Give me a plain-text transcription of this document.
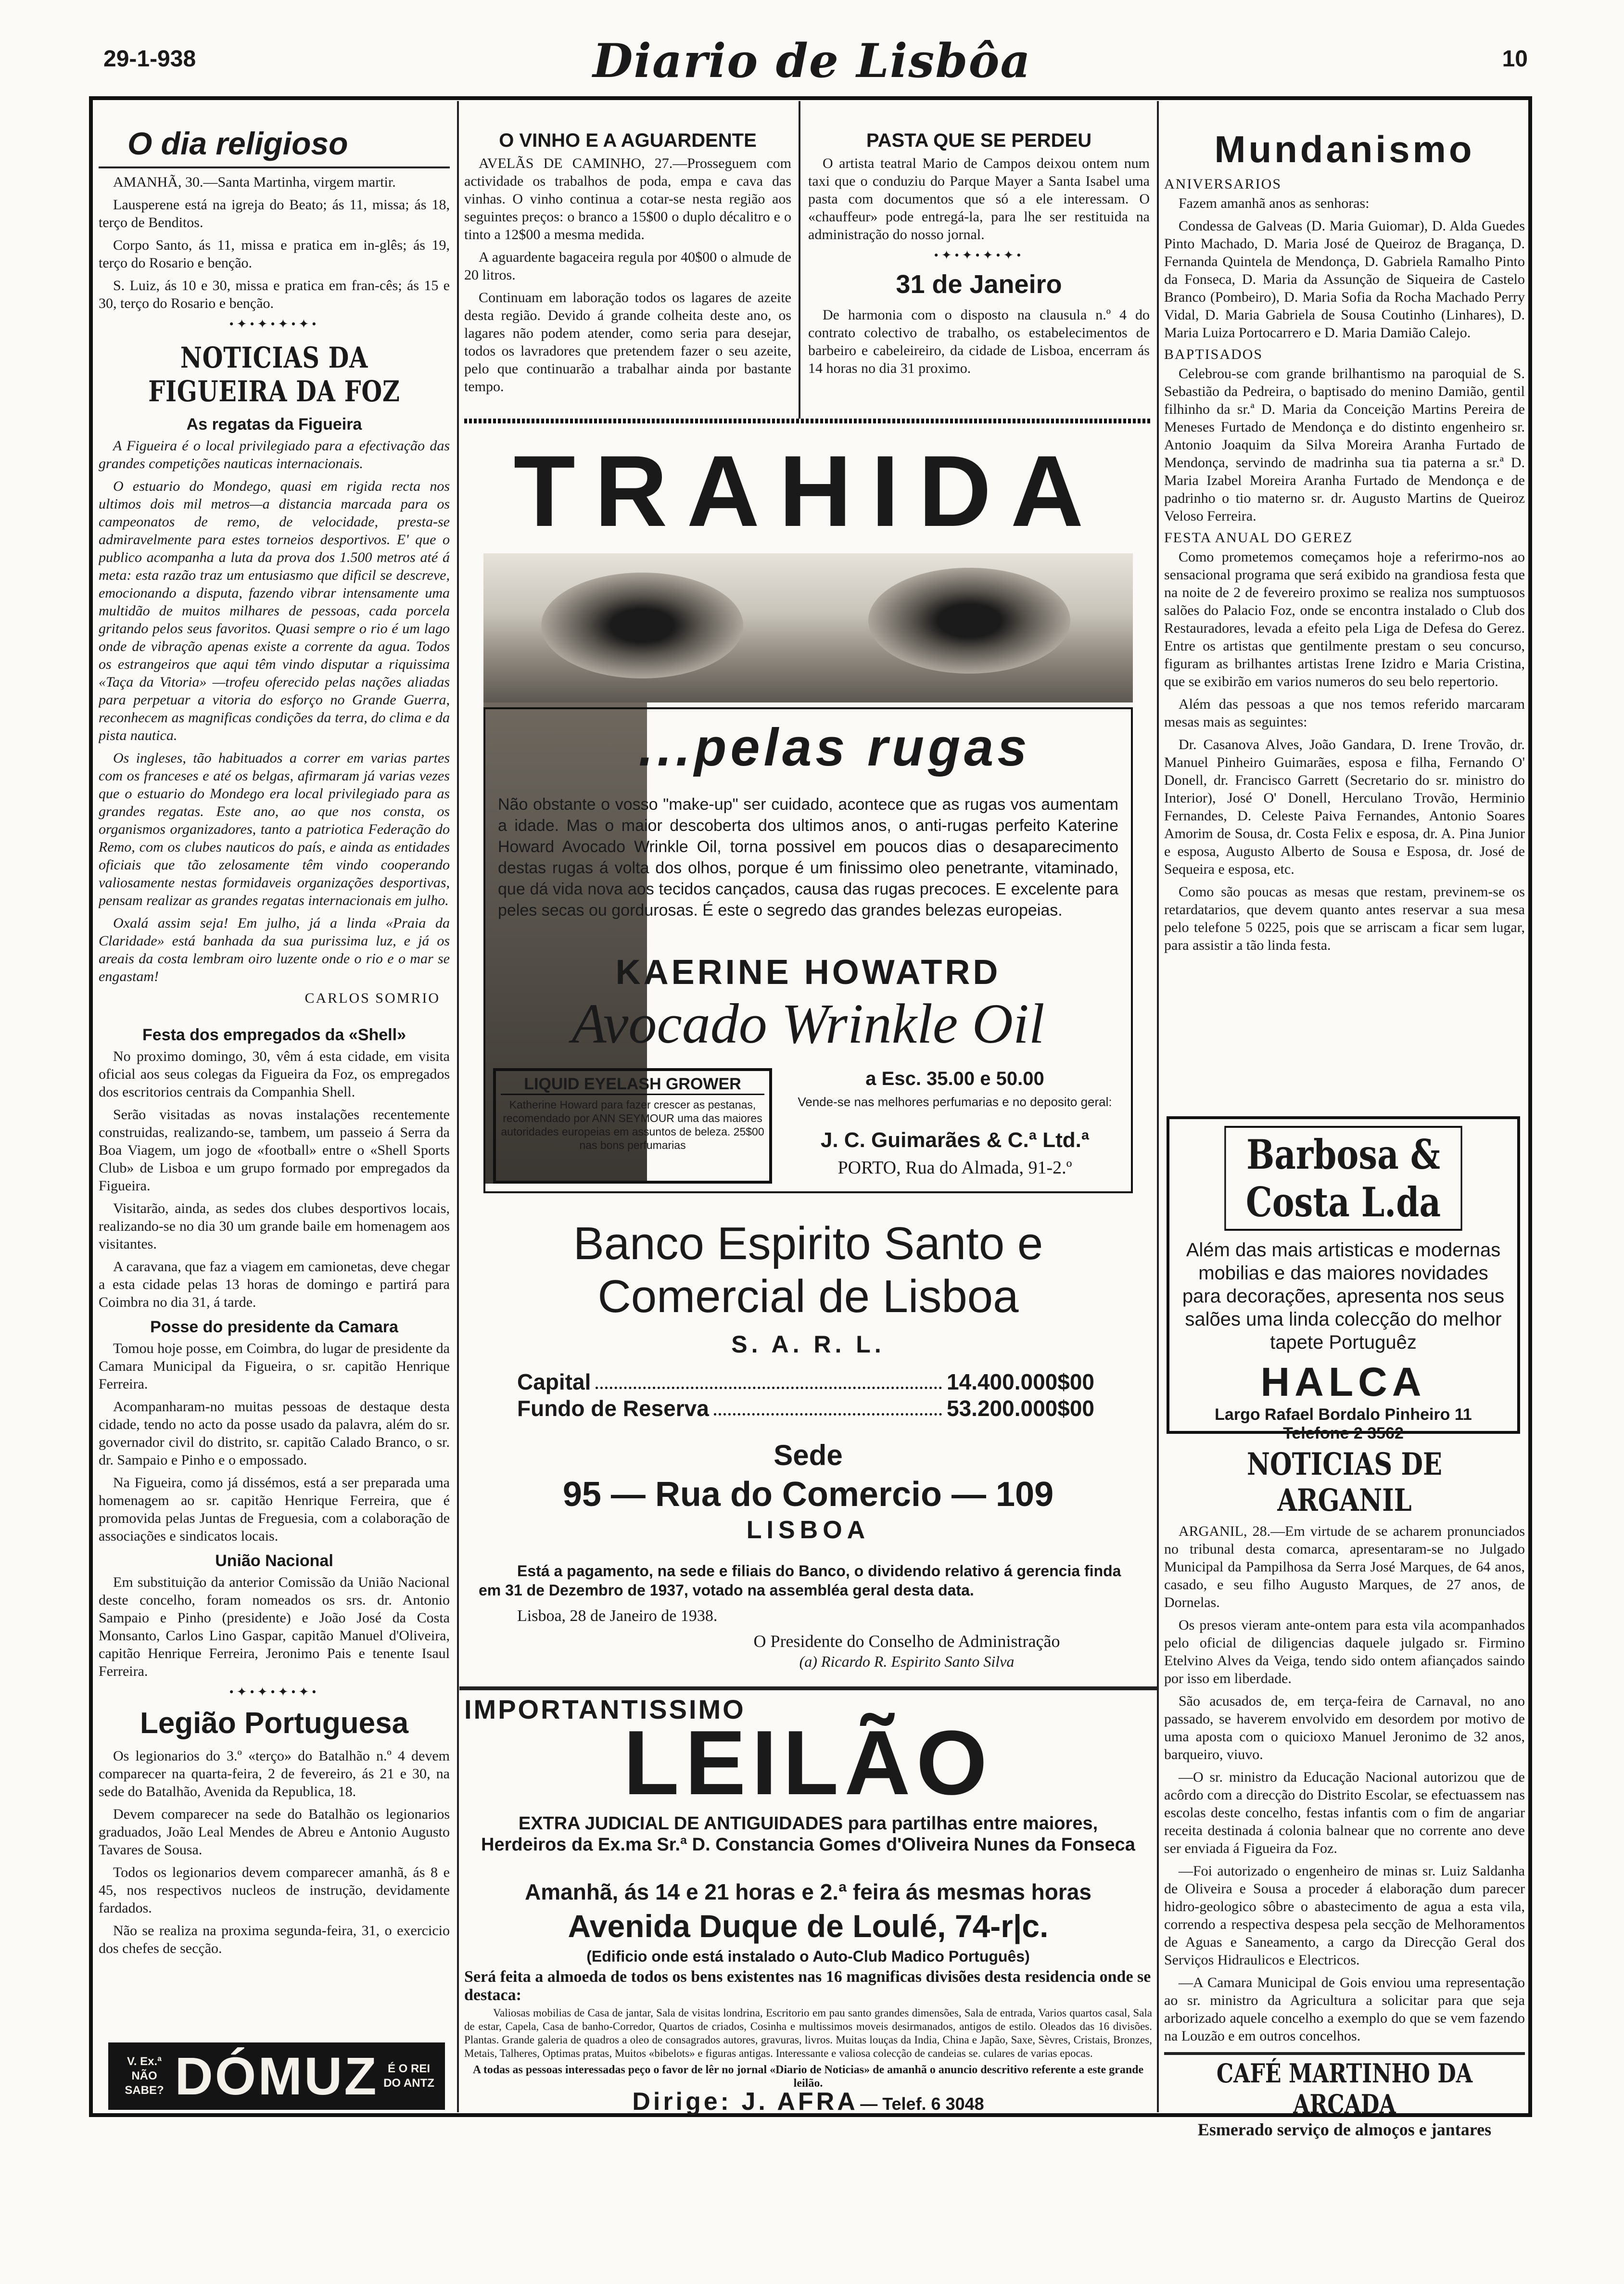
29-1-938	Diario de Lisbôa	10
O dia religioso

AMANHÃ, 30.—Santa Martinha, virgem martir.

Lausperene está na igreja do Beato; ás 11, missa; ás 18, terço de Benditos.

Corpo Santo, ás 11, missa e pratica em in-glês; ás 19, terço do Rosario e benção.

S. Luiz, ás 10 e 30, missa e pratica em fran-cês; ás 15 e 30, terço do Rosario e benção.

•✦•✦•✦•✦•
NOTICIAS DA FIGUEIRA DA FOZ
As regatas da Figueira

A Figueira é o local privilegiado para a efectivação das grandes competições nauticas internacionais.

O estuario do Mondego, quasi em rigida recta nos ultimos dois mil metros—a distancia marcada para os campeonatos de remo, de velocidade, presta-se admiravelmente para estes torneios desportivos. E' que o publico acompanha a luta da prova dos 1.500 metros até á meta: esta razão traz um entusiasmo que dificil se descreve, emocionando a disputa, fazendo vibrar intensamente uma multidão de muitos milhares de pessoas, cada porcela gritando pelos seus favoritos. Quasi sempre o rio é um lago onde de vibração apenas existe a corrente da agua. Todos os estrangeiros que aqui têm vindo disputar a riquissima «Taça da Vitoria» —trofeu oferecido pelas nações aliadas para perpetuar a vitoria do esforço no Grande Guerra, reconhecem as magnificas condições da terra, do clima e da pista nautica.

Os ingleses, tão habituados a correr em varias partes com os franceses e até os belgas, afirmaram já varias vezes que o estuario do Mondego era local privilegiado para as grandes regatas. Este ano, ao que nos consta, os organismos organizadores, tanto a patriotica Federação do Remo, com os clubes nauticos do país, e ainda as entidades oficiais que tão zelosamente têm vindo cooperando valiosamente nestas formidaveis organizações desportivas, pensam realizar as grandes regatas internacionais em julho.

Oxalá assim seja! Em julho, já a linda «Praia da Claridade» está banhada da sua purissima luz, e já os areais da costa lembram oiro luzente onde o rio e o mar se engastam!

CARLOS SOMRIO
Festa dos empregados da «Shell»

No proximo domingo, 30, vêm á esta cidade, em visita oficial aos seus colegas da Figueira da Foz, os empregados dos escritorios centrais da Companhia Shell.

Serão visitadas as novas instalações recentemente construidas, realizando-se, tambem, um passeio á Serra da Boa Viagem, um jogo de «football» entre o «Shell Sports Club» de Lisboa e um grupo formado por empregados da Figueira.

Visitarão, ainda, as sedes dos clubes desportivos locais, realizando-se no dia 30 um grande baile em homenagem aos visitantes.

A caravana, que faz a viagem em camionetas, deve chegar a esta cidade pelas 13 horas de domingo e partirá para Coimbra no dia 31, á tarde.

Posse do presidente da Camara

Tomou hoje posse, em Coimbra, do lugar de presidente da Camara Municipal da Figueira, o sr. capitão Henrique Ferreira.

Acompanharam-no muitas pessoas de destaque desta cidade, tendo no acto da posse usado da palavra, além do sr. governador civil do distrito, sr. capitão Calado Branco, o sr. dr. Sampaio e Pinho e o empossado.

Na Figueira, como já dissémos, está a ser preparada uma homenagem ao sr. capitão Henrique Ferreira, que é promovida pelas Juntas de Freguesia, com a colaboração de associações e sindicatos locais.

União Nacional

Em substituição da anterior Comissão da União Nacional deste concelho, foram nomeados os srs. dr. Antonio Sampaio e Pinho (presidente) e João José da Costa Monsanto, Carlos Lino Gaspar, capitão Manuel d'Oliveira, capitão Henrique Ferreira, Jeronimo Pais e tenente Isaul Ferreira.

•✦•✦•✦•✦•
Legião Portuguesa

Os legionarios do 3.º «terço» do Batalhão n.º 4 devem comparecer na quarta-feira, 2 de fevereiro, ás 21 e 30, na sede do Batalhão, Avenida da Republica, 18.

Devem comparecer na sede do Batalhão os legionarios graduados, João Leal Mendes de Abreu e Antonio Augusto Tavares de Sousa.

Todos os legionarios devem comparecer amanhã, ás 8 e 45, nos respectivos nucleos de instrução, devidamente fardados.

Não se realiza na proxima segunda-feira, 31, o exercicio dos chefes de secção.

V. Ex.ª NÃO SABE? DÓMUZ É O REI DO ANTZ
O VINHO E A AGUARDENTE

AVELÃS DE CAMINHO, 27.—Prosseguem com actividade os trabalhos de poda, empa e cava das vinhas. O vinho continua a cotar-se nesta região aos seguintes preços: o branco a 15$00 o duplo décalitro e o tinto a 12$00 a mesma medida.

A aguardente bagaceira regula por 40$00 o almude de 20 litros.

Continuam em laboração todos os lagares de azeite desta região. Devido á grande colheita deste ano, os lagares não podem atender, como seria para desejar, todos os lavradores que pretendem fazer o seu azeite, pelo que continuarão a trabalhar ainda por bastante tempo.

PASTA QUE SE PERDEU

O artista teatral Mario de Campos deixou ontem num taxi que o conduziu do Parque Mayer a Santa Isabel uma pasta com documentos que só a ele interessam. O «chauffeur» pode entregá-la, para lhe ser restituida na administração do nosso jornal.

•✦•✦•✦•✦•
31 de Janeiro

De harmonia com o disposto na clausula n.º 4 do contrato colectivo de trabalho, os estabelecimentos de barbeiro e cabeleireiro, da cidade de Lisboa, encerram ás 14 horas no dia 31 proximo.

TRAHIDA
...pelas rugas
Não obstante o vosso "make-up" ser cuidado, acontece que as rugas vos aumentam a idade. Mas o maior descoberta dos ultimos anos, o anti-rugas perfeito Katerine Howard Avocado Wrinkle Oil, torna possivel em poucos dias o desaparecimento destas rugas á volta dos olhos, porque é um finissimo oleo penetrante, vitaminado, que dá vida nova aos tecidos cançados, causa das rugas precoces. E excelente para peles secas ou gordurosas. É este o segredo das grandes belezas europeias.
KAERINE HOWATRD
Avocado Wrinkle Oil
LIQUID EYELASH GROWER
Katherine Howard para fazer crescer as pestanas, recomendado por ANN SEYMOUR uma das maiores autoridades europeias em assuntos de beleza. 25$00 nas bons perfumarias
a Esc. 35.00 e 50.00
Vende-se nas melhores perfumarias e no deposito geral:
J. C. Guimarães & C.ª Ltd.ª
PORTO, Rua do Almada, 91-2.º
Banco Espirito Santo e Comercial de Lisboa
S. A. R. L.
Capital	14.400.000$00
Fundo de Reserva	53.200.000$00
Sede
95 — Rua do Comercio — 109
LISBOA
Está a pagamento, na sede e filiais do Banco, o dividendo relativo á gerencia finda em 31 de Dezembro de 1937, votado na assembléa geral desta data.
Lisboa, 28 de Janeiro de 1938.
O Presidente do Conselho de Administração
(a) Ricardo R. Espirito Santo Silva
IMPORTANTISSIMO
LEILÃO
EXTRA JUDICIAL DE ANTIGUIDADES para partilhas entre maiores, Herdeiros da Ex.ma Sr.ª D. Constancia Gomes d'Oliveira Nunes da Fonseca
Amanhã, ás 14 e 21 horas e 2.ª feira ás mesmas horas
Avenida Duque de Loulé, 74-r|c.
(Edificio onde está instalado o Auto-Club Madico Português)
Será feita a almoeda de todos os bens existentes nas 16 magnificas divisões desta residencia onde se destaca:
Valiosas mobilias de Casa de jantar, Sala de visitas londrina, Escritorio em pau santo grandes dimensões, Sala de entrada, Varios quartos casal, Sala de estar, Capela, Casa de banho-Corredor, Quartos de criados, Cosinha e multissimos moveis desirmanados, antigos de estilo. Oleados das 16 divisões. Plantas. Grande galeria de quadros a oleo de consagrados autores, gravuras, livros. Muitas louças da India, China e Japão, Saxe, Sèvres, Cristais, Bronzes, Metais, Talheres, Optimas pratas, Muitos «bibelots» e figuras antigas. Interessante e valiosa colecção de candeias se. culares de varias epocas.
A todas as pessoas interessadas peço o favor de lêr no jornal «Diario de Noticias» de amanhã o anuncio descritivo referente a este grande leilão.
Dirige: J. AFRA — Telef. 6 3048
Mundanismo
ANIVERSARIOS

Fazem amanhã anos as senhoras:

Condessa de Galveas (D. Maria Guiomar), D. Alda Guedes Pinto Machado, D. Maria José de Queiroz de Bragança, D. Fernanda Quintela de Mendonça, D. Gabriela Ramalho Pinto da Fonseca, D. Maria da Assunção de Siqueira de Castelo Branco (Pombeiro), D. Maria Sofia da Rocha Machado Perry Vidal, D. Maria Gabriela de Sousa Coutinho (Linhares), D. Maria Luiza Portocarrero e D. Maria Damião Calejo.

BAPTISADOS

Celebrou-se com grande brilhantismo na paroquial de S. Sebastião da Pedreira, o baptisado do menino Damião, gentil filhinho da sr.ª D. Maria da Conceição Martins Pereira de Meneses Furtado de Mendonça e do distinto engenheiro sr. Antonio Joaquim da Silva Moreira Aranha Furtado de Mendonça, servindo de madrinha sua tia paterna a sr.ª D. Maria Izabel Moreira Aranha Furtado de Mendonça e de padrinho o tio materno sr. dr. Augusto Martins de Queiroz Veloso Ferreira.

FESTA ANUAL DO GEREZ

Como prometemos começamos hoje a referirmo-nos ao sensacional programa que será exibido na grandiosa festa que na noite de 2 de fevereiro proximo se realiza nos sumptuosos salões do Palacio Foz, onde se encontra instalado o Club dos Restauradores, levada a efeito pela Liga de Defesa do Gerez. Entre os artistas que gentilmente prestam o seu concurso, figuram as brilhantes artistas Irene Izidro e Maria Cristina, que se exibirão em varios numeros do seu belo repertorio.

Além das pessoas a que nos temos referido marcaram mesas mais as seguintes:

Dr. Casanova Alves, João Gandara, D. Irene Trovão, dr. Manuel Pinheiro Guimarães, esposa e filha, Fernando O' Donell, dr. Francisco Garrett (Secretario do sr. ministro do Interior), José O' Donell, Herculano Trovão, Herminio Fernandes, D. Celeste Paiva Fernandes, Antonio Soares Amorim de Sousa, dr. Costa Felix e esposa, dr. A. Pina Junior e esposa, Augusto Alberto de Sousa e Esposa, dr. José de Sequeira e esposa, etc.

Como são poucas as mesas que restam, previnem-se os retardatarios, que devem quanto antes reservar a sua mesa pelo telefone 5 0225, pois que se arriscam a ficar sem lugar, para assistir a tão linda festa.

Barbosa & Costa L.da
Além das mais artisticas e modernas mobilias e das maiores novidades para decorações, apresenta nos seus salões uma linda colecção do melhor tapete Portuguêz
HALCA
Largo Rafael Bordalo Pinheiro 11
Telefone 2 3562
NOTICIAS DE ARGANIL

ARGANIL, 28.—Em virtude de se acharem pronunciados no tribunal desta comarca, apresentaram-se no Julgado Municipal da Pampilhosa da Serra José Marques, de 64 anos, casado, e seu filho Augusto Marques, de 27 anos, de Dornelas.

Os presos vieram ante-ontem para esta vila acompanhados pelo oficial de diligencias daquele julgado sr. Firmino Etelvino Alves da Veiga, tendo sido ontem afiançados saindo por isso em liberdade.

São acusados de, em terça-feira de Carnaval, no ano passado, se haverem envolvido em desordem por motivo de uma aposta com o quicioxo Manuel Jeronimo de 32 anos, barqueiro, viuvo.

—O sr. ministro da Educação Nacional autorizou que de acôrdo com a direcção do Distrito Escolar, se efectuassem nas escolas deste concelho, festas infantis com o fim de angariar receita destinada á colonia balnear que no corrente ano deve ser enviada á Figueira da Foz.

—Foi autorizado o engenheiro de minas sr. Luiz Saldanha de Oliveira e Sousa a proceder á elaboração dum parecer hidro-geologico sôbre o abastecimento de agua a esta vila, correndo a respectiva despesa pela secção de Melhoramentos de Aguas e Saneamento, a cargo da Direcção Geral dos Serviços Hidraulicos e Electricos.

—A Camara Municipal de Gois enviou uma representação ao sr. ministro da Agricultura a solicitar para que seja arborizado aquele concelho a exemplo do que se vem fazendo na Louzão e em outros concelhos.

CAFÉ MARTINHO DA ARCADA
Esmerado serviço de almoços e jantares
